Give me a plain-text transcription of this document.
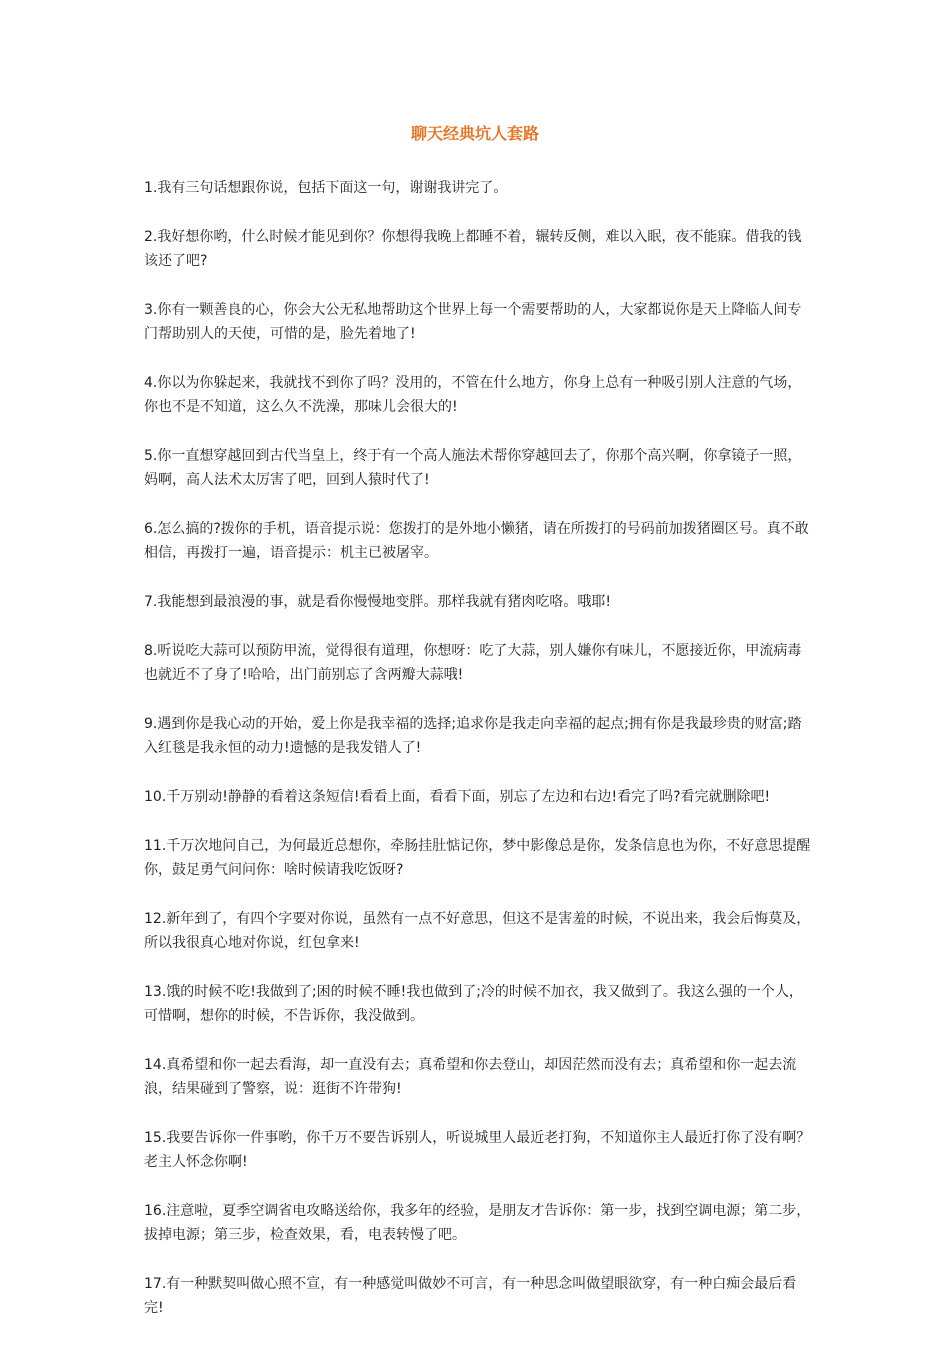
聊天经典坑人套路

1.我有三句话想跟你说，包括下面这一句，谢谢我讲完了。

2.我好想你哟，什么时候才能见到你？你想得我晚上都睡不着，辗转反侧，难以入眠，夜不能寐。借我的钱该还了吧?

3.你有一颗善良的心，你会大公无私地帮助这个世界上每一个需要帮助的人，大家都说你是天上降临人间专门帮助别人的天使，可惜的是，脸先着地了!

4.你以为你躲起来，我就找不到你了吗？没用的，不管在什么地方，你身上总有一种吸引别人注意的气场，你也不是不知道，这么久不洗澡，那味儿会很大的!

5.你一直想穿越回到古代当皇上，终于有一个高人施法术帮你穿越回去了，你那个高兴啊，你拿镜子一照，妈啊，高人法术太厉害了吧，回到人猿时代了!

6.怎么搞的?拨你的手机，语音提示说：您拨打的是外地小懒猪，请在所拨打的号码前加拨猪圈区号。真不敢相信，再拨打一遍，语音提示：机主已被屠宰。

7.我能想到最浪漫的事，就是看你慢慢地变胖。那样我就有猪肉吃咯。哦耶!

8.听说吃大蒜可以预防甲流，觉得很有道理，你想呀：吃了大蒜，别人嫌你有味儿，不愿接近你，甲流病毒也就近不了身了!哈哈，出门前别忘了含两瓣大蒜哦!

9.遇到你是我心动的开始，爱上你是我幸福的选择;追求你是我走向幸福的起点;拥有你是我最珍贵的财富;踏入红毯是我永恒的动力!遗憾的是我发错人了!

10.千万别动!静静的看着这条短信!看看上面，看看下面，别忘了左边和右边!看完了吗?看完就删除吧!

11.千万次地问自己，为何最近总想你，牵肠挂肚惦记你，梦中影像总是你，发条信息也为你，不好意思提醒你，鼓足勇气问问你：啥时候请我吃饭呀?

12.新年到了，有四个字要对你说，虽然有一点不好意思，但这不是害羞的时候，不说出来，我会后悔莫及，所以我很真心地对你说，红包拿来!

13.饿的时候不吃!我做到了;困的时候不睡!我也做到了;冷的时候不加衣，我又做到了。我这么强的一个人，可惜啊，想你的时候，不告诉你，我没做到。

14.真希望和你一起去看海，却一直没有去；真希望和你去登山，却因茫然而没有去；真希望和你一起去流浪，结果碰到了警察，说：逛街不许带狗!

15.我要告诉你一件事哟，你千万不要告诉别人，听说城里人最近老打狗，不知道你主人最近打你了没有啊？老主人怀念你啊!

16.注意啦，夏季空调省电攻略送给你，我多年的经验，是朋友才告诉你：第一步，找到空调电源；第二步，拔掉电源；第三步，检查效果，看，电表转慢了吧。

17.有一种默契叫做心照不宣，有一种感觉叫做妙不可言，有一种思念叫做望眼欲穿，有一种白痴会最后看完!
